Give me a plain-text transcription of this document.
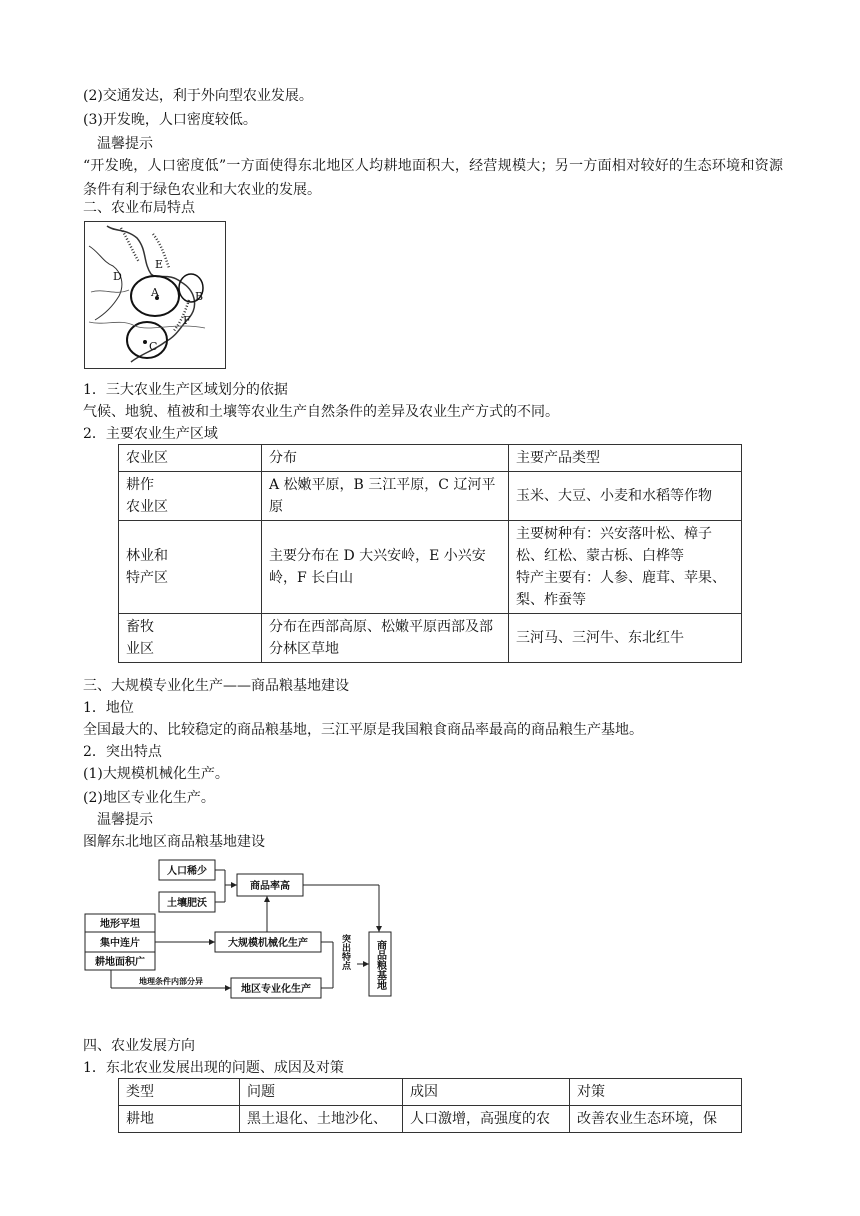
(2)交通发达，利于外向型农业发展。
(3)开发晚，人口密度较低。
温馨提示
“开发晚，人口密度低”一方面使得东北地区人均耕地面积大，经营规模大；另一方面相对较好的生态环境和资源条件有利于绿色农业和大农业的发展。
二、农业布局特点
D
E
A	B
F
C
1．三大农业生产区域划分的依据
气候、地貌、植被和土壤等农业生产自然条件的差异及农业生产方式的不同。
2．主要农业生产区域
农业区	分布	主要产品类型
耕作
农业区	A 松嫩平原，B 三江平原，C 辽河平原	玉米、大豆、小麦和水稻等作物
林业和
特产区	主要分布在 D 大兴安岭，E 小兴安岭，F 长白山	主要树种有：兴安落叶松、樟子松、红松、蒙古栎、白桦等
特产主要有：人参、鹿茸、苹果、梨、柞蚕等
畜牧
业区	分布在西部高原、松嫩平原西部及部分林区草地	三河马、三河牛、东北红牛
三、大规模专业化生产——商品粮基地建设
1．地位
全国最大的、比较稳定的商品粮基地，三江平原是我国粮食商品率最高的商品粮生产基地。
2．突出特点
(1)大规模机械化生产。
(2)地区专业化生产。
温馨提示
图解东北地区商品粮基地建设
人口稀少
土壤肥沃
商品率高
地形平坦
集中连片
耕地面积广
大规模机械化生产
地区专业化生产
地理条件内部分异
突出特点 商品粮基地
四、农业发展方向
1．东北农业发展出现的问题、成因及对策
类型	问题	成因	对策
耕地	黑土退化、土地沙化、	人口激增，高强度的农	改善农业生态环境，保
